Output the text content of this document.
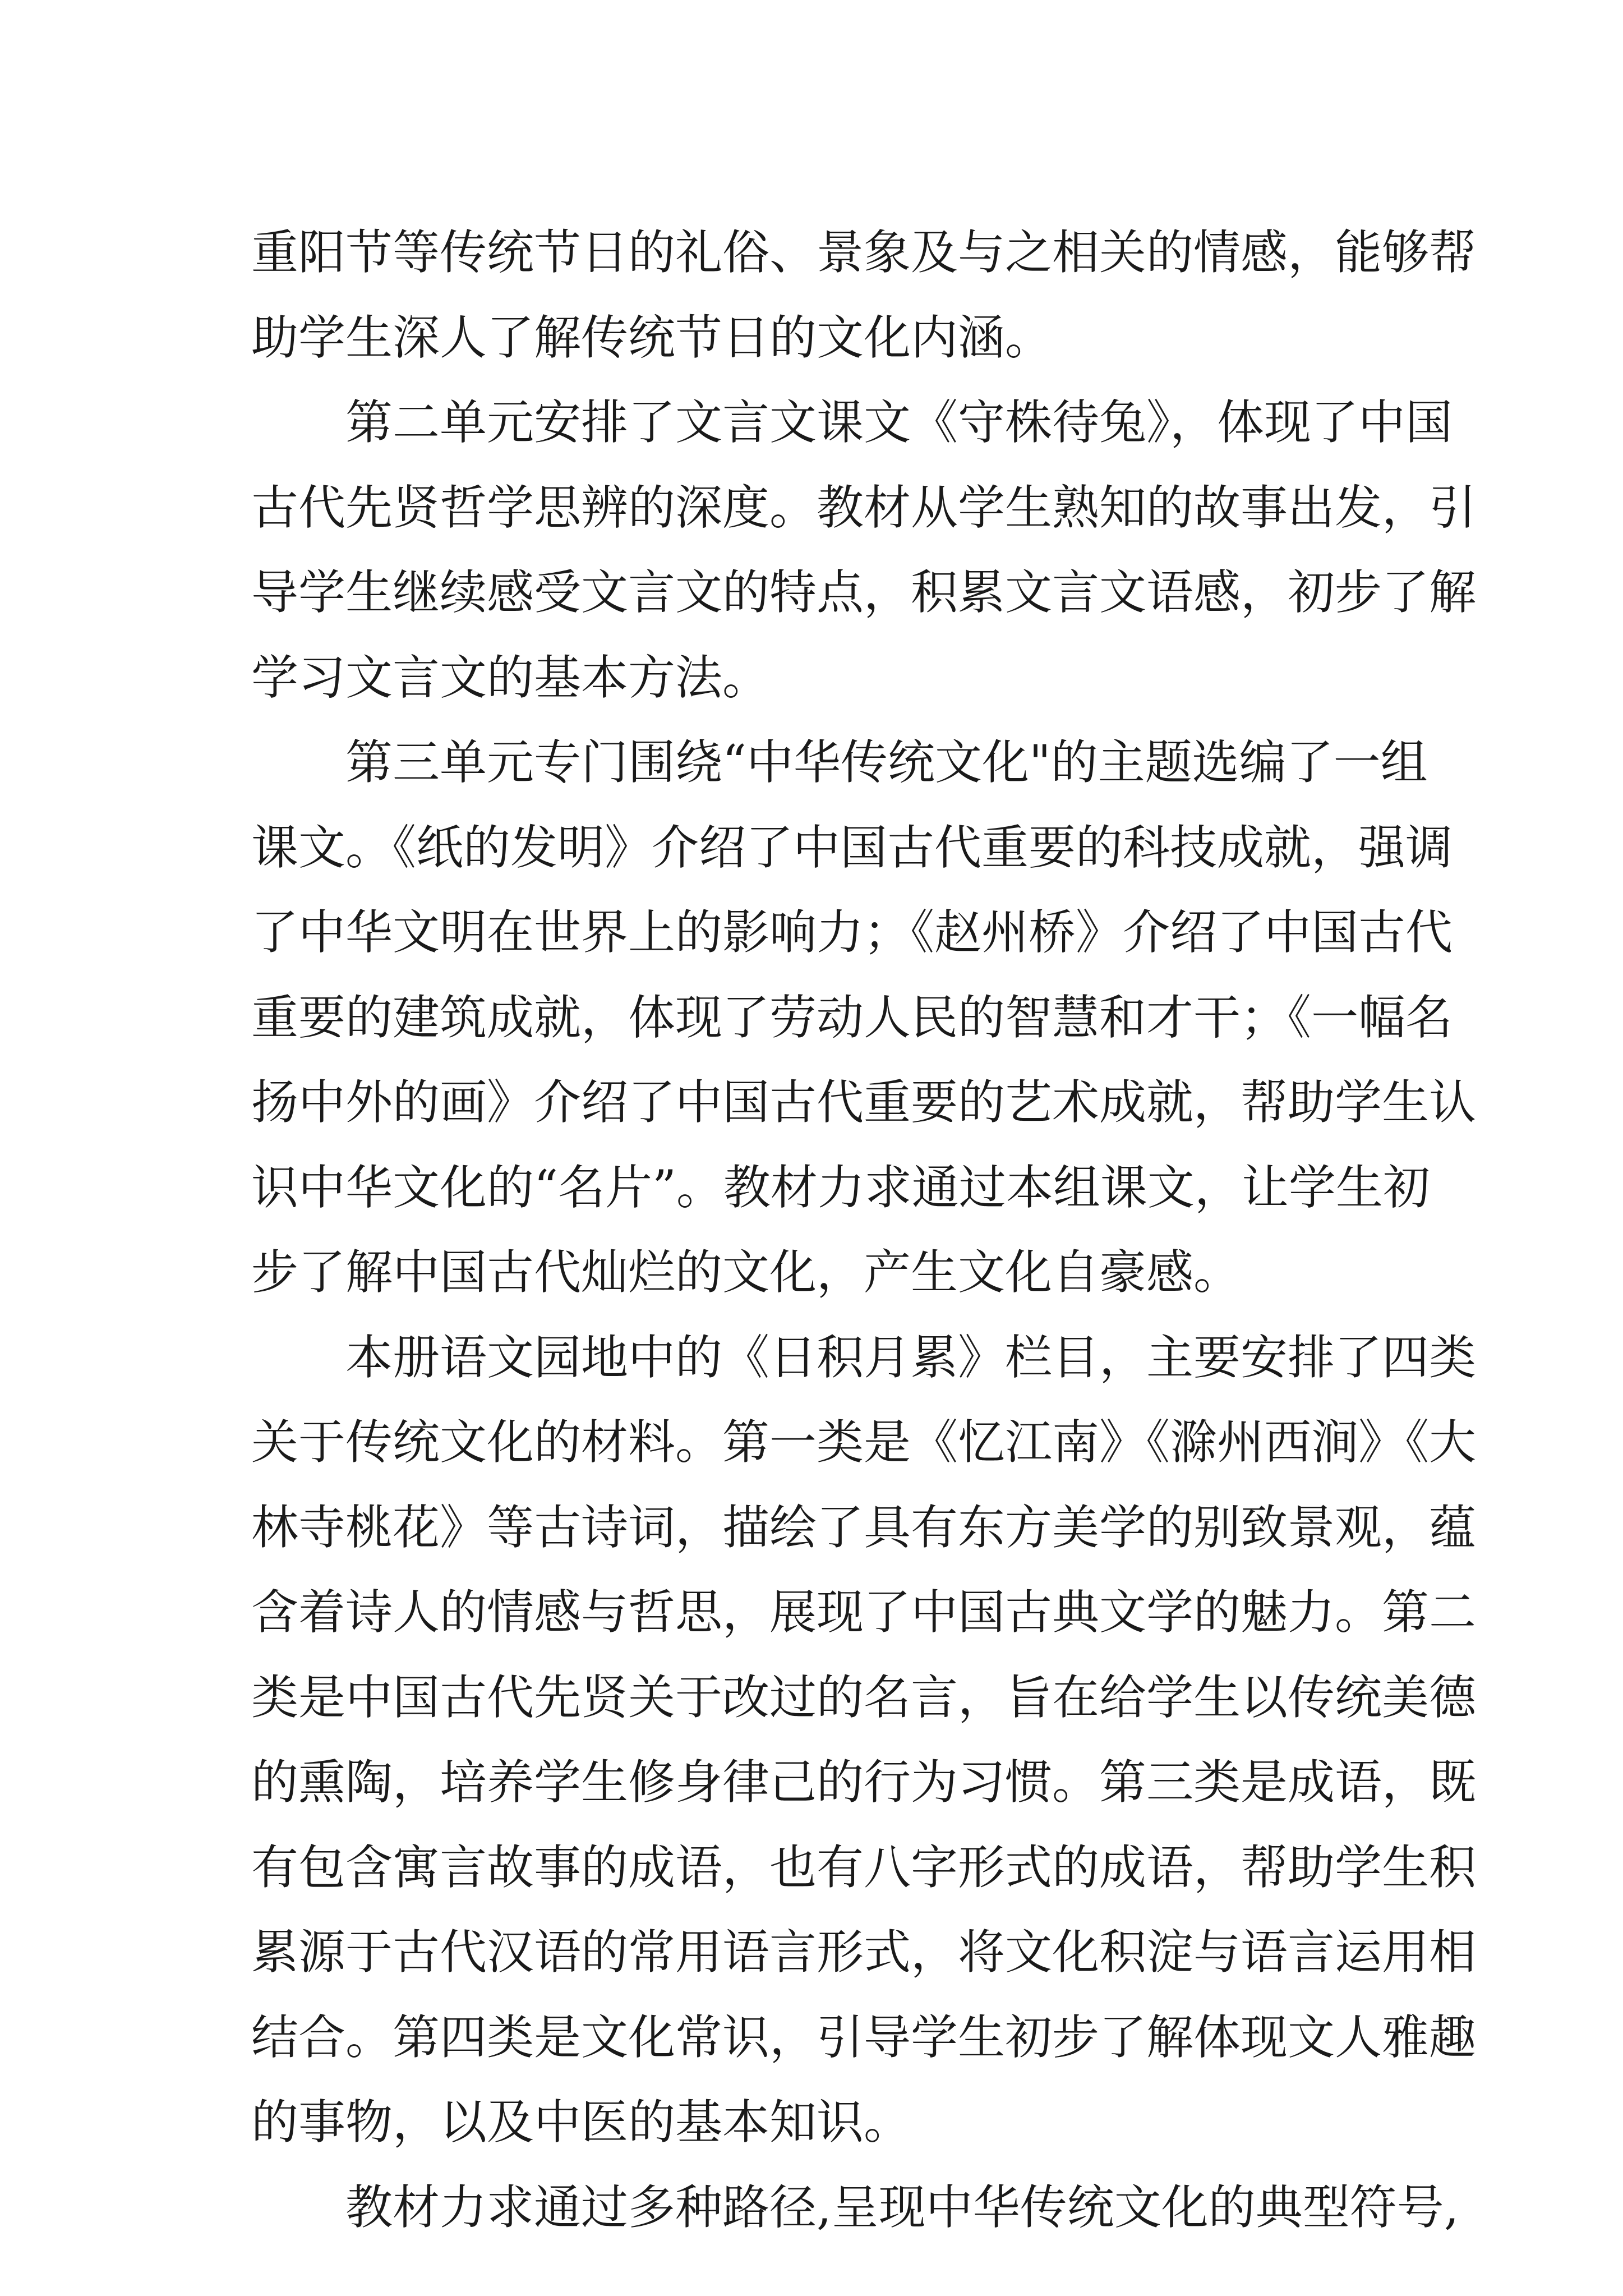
重阳节等传统节日的礼俗、景象及与之相关的情感，能够帮
助学生深人了解传统节日的文化内涵。
第二单元安排了文言文课文《守株待兔》，体现了中国
古代先贤哲学思辨的深度。教材从学生熟知的故事出发，引
导学生继续感受文言文的特点，积累文言文语感，初步了解
学习文言文的基本方法。
第三单元专门围绕“中华传统文化"的主题选编了一组
课文。《纸的发明》介绍了中国古代重要的科技成就，强调
了中华文明在世界上的影响力；《赵州桥》介绍了中国古代
重要的建筑成就，体现了劳动人民的智慧和才干；《一幅名
扬中外的画》介绍了中国古代重要的艺术成就，帮助学生认
识中华文化的“名片”。教材力求通过本组课文，让学生初
步了解中国古代灿烂的文化，产生文化自豪感。
本册语文园地中的《日积月累》栏目，主要安排了四类
关于传统文化的材料。第一类是《忆江南》《滁州西涧》《大
林寺桃花》等古诗词，描绘了具有东方美学的别致景观，蕴
含着诗人的情感与哲思，展现了中国古典文学的魅力。第二
类是中国古代先贤关于改过的名言，旨在给学生以传统美德
的熏陶，培养学生修身律己的行为习惯。第三类是成语，既
有包含寓言故事的成语，也有八字形式的成语，帮助学生积
累源于古代汉语的常用语言形式，将文化积淀与语言运用相
结合。第四类是文化常识，引导学生初步了解体现文人雅趣
的事物，以及中医的基本知识。
教材力求通过多种路径,呈现中华传统文化的典型符号,
